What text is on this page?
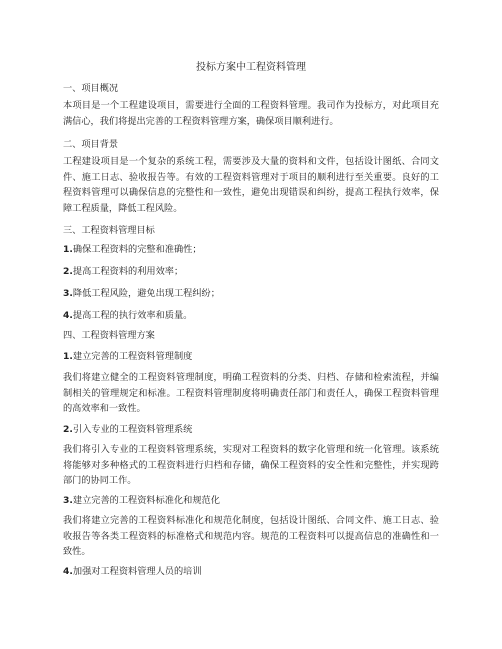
投标方案中工程资料管理
一、项目概况
本项目是一个工程建设项目，需要进行全面的工程资料管理。我司作为投标方，对此项目充满信心，我们将提出完善的工程资料管理方案，确保项目顺利进行。
二、项目背景
工程建设项目是一个复杂的系统工程，需要涉及大量的资料和文件，包括设计图纸、合同文件、施工日志、验收报告等。有效的工程资料管理对于项目的顺利进行至关重要。良好的工程资料管理可以确保信息的完整性和一致性，避免出现错误和纠纷，提高工程执行效率，保障工程质量，降低工程风险。
三、工程资料管理目标
1.确保工程资料的完整和准确性；
2.提高工程资料的利用效率；
3.降低工程风险，避免出现工程纠纷；
4.提高工程的执行效率和质量。
四、工程资料管理方案
1.建立完善的工程资料管理制度
我们将建立健全的工程资料管理制度，明确工程资料的分类、归档、存储和检索流程，并编制相关的管理规定和标准。工程资料管理制度将明确责任部门和责任人，确保工程资料管理的高效率和一致性。
2.引入专业的工程资料管理系统
我们将引入专业的工程资料管理系统，实现对工程资料的数字化管理和统一化管理。该系统将能够对多种格式的工程资料进行归档和存储，确保工程资料的安全性和完整性，并实现跨部门的协同工作。
3.建立完善的工程资料标准化和规范化
我们将建立完善的工程资料标准化和规范化制度，包括设计图纸、合同文件、施工日志、验收报告等各类工程资料的标准格式和规范内容。规范的工程资料可以提高信息的准确性和一致性。
4.加强对工程资料管理人员的培训
